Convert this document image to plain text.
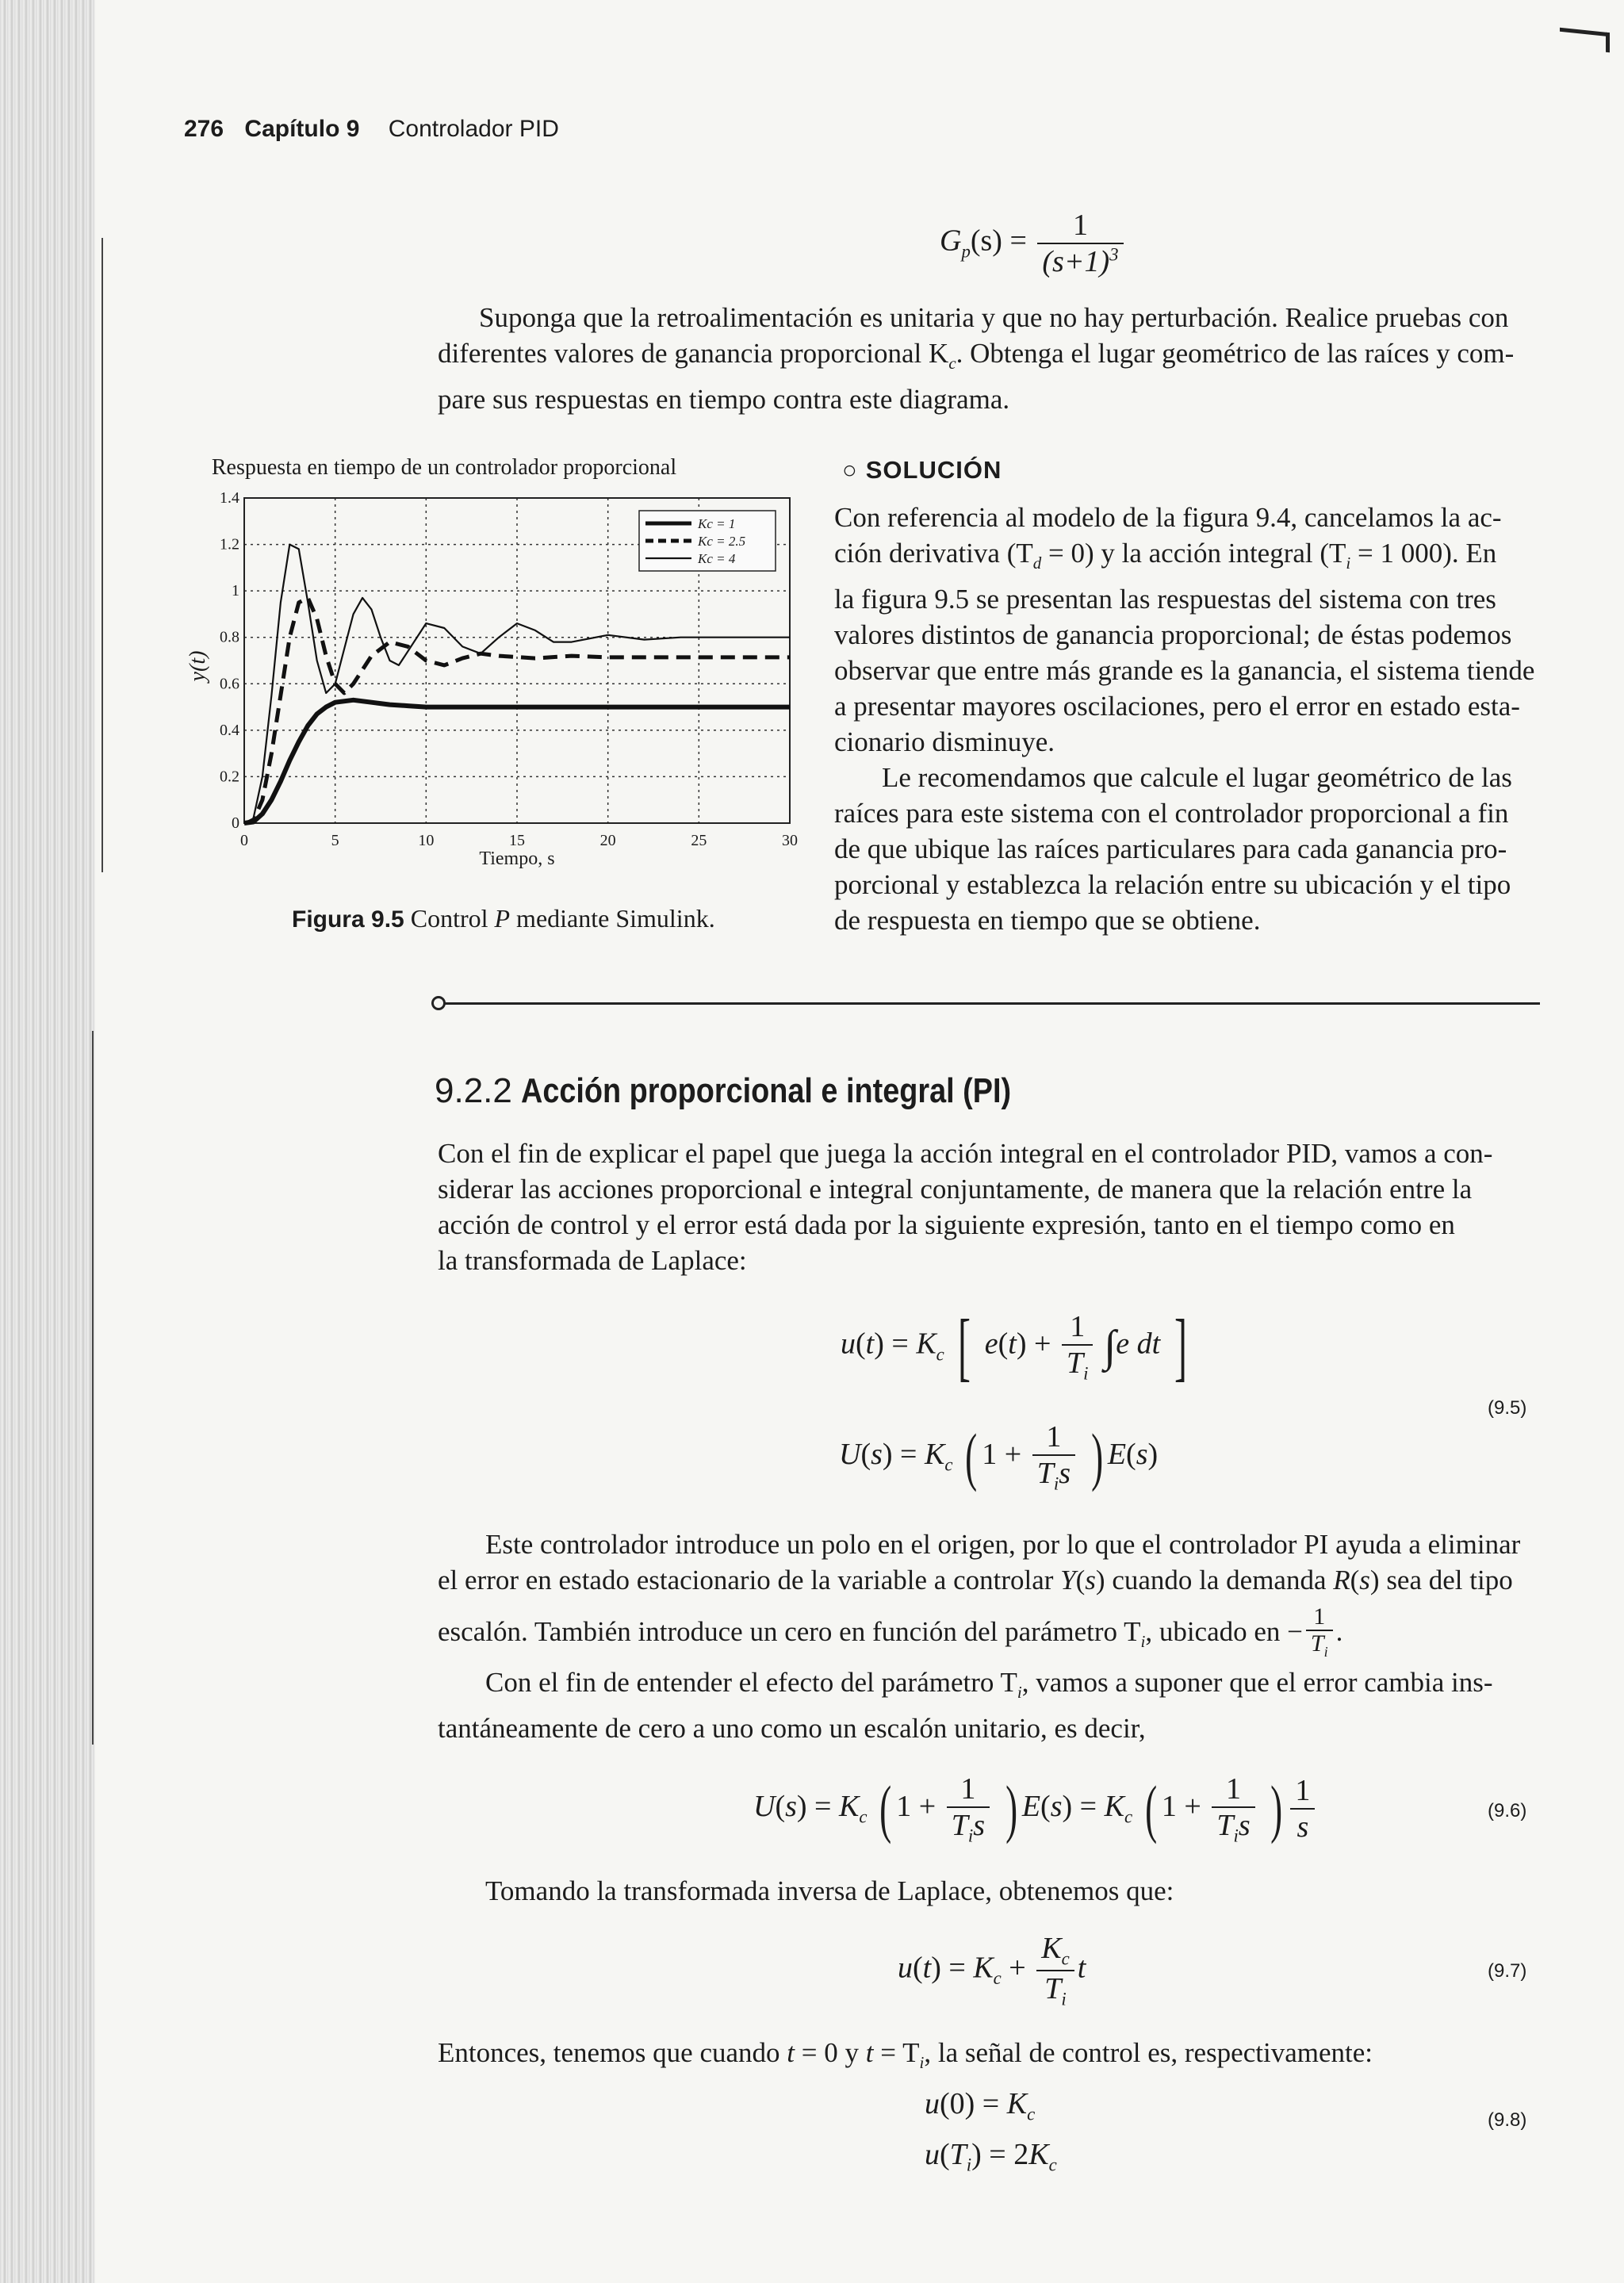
276 Capítulo 9 Controlador PID
$G_p(s) = \frac{1}{(s+1)^3}$
Suponga que la retroalimentación es unitaria y que no hay perturbación. Realice pruebas con
diferentes valores de ganancia proporcional $K_c$. Obtenga el lugar geométrico de las raíces y com-
pare sus respuestas en tiempo contra este diagrama.
Respuesta en tiempo de un controlador proporcional
0	5	10	15	20	25	30
0
0.2
0.4
0.6
0.8
1
1.2
1.4
Kc = 1
Kc = 2.5
Kc = 4
Tiempo, s
y(t)
Figura 9.5 Control P mediante Simulink.
○ SOLUCIÓN
Con referencia al modelo de la figura 9.4, cancelamos la ac-
ción derivativa $(T_d = 0)$ y la acción integral ($T_i = 1$ 000). En
la figura 9.5 se presentan las respuestas del sistema con tres
valores distintos de ganancia proporcional; de éstas podemos
observar que entre más grande es la ganancia, el sistema tiende
a presentar mayores oscilaciones, pero el error en estado esta-
cionario disminuye.
Le recomendamos que calcule el lugar geométrico de las
raíces para este sistema con el controlador proporcional a fin
de que ubique las raíces particulares para cada ganancia pro-
porcional y establezca la relación entre su ubicación y el tipo
de respuesta en tiempo que se obtiene.
9.2.2 Acción proporcional e integral (PI)
Con el fin de explicar el papel que juega la acción integral en el controlador PID, vamos a con-
siderar las acciones proporcional e integral conjuntamente, de manera que la relación entre la
acción de control y el error está dada por la siguiente expresión, tanto en el tiempo como en
la transformada de Laplace:
$u(t) = K_c$ [ $e(t) + \frac{1}{T_i} \int e$ dt ]
$U(s) = K_c$ ( $1 + \frac{1}{T_is}$ ) E(s)
(9.5)
Este controlador introduce un polo en el origen, por lo que el controlador PI ayuda a eliminar
el error en estado estacionario de la variable a controlar Y(s) cuando la demanda R(s) sea del tipo
escalón. También introduce un cero en función del parámetro $T_i$, ubicado en − $\frac{1}{T_i}$ .
Con el fin de entender el efecto del parámetro $T_i$, vamos a suponer que el error cambia ins-
tantáneamente de cero a uno como un escalón unitario, es decir,
$U(s) = K_c$ ( $1 + \frac{1}{T_is}$ ) $E(s) = K_c$ ( $1 + \frac{1}{T_is}$ ) $\frac{1}{s}$	(9.6)
Tomando la transformada inversa de Laplace, obtenemos que:
$u(t) = K_c + \frac{K_c}{T_i}$ t	(9.7)
Entonces, tenemos que cuando t = 0 y $t = T_i$, la señal de control es, respectivamente:
$u(0) = K_c$
$u(T_i) = 2K_c$
(9.8)
